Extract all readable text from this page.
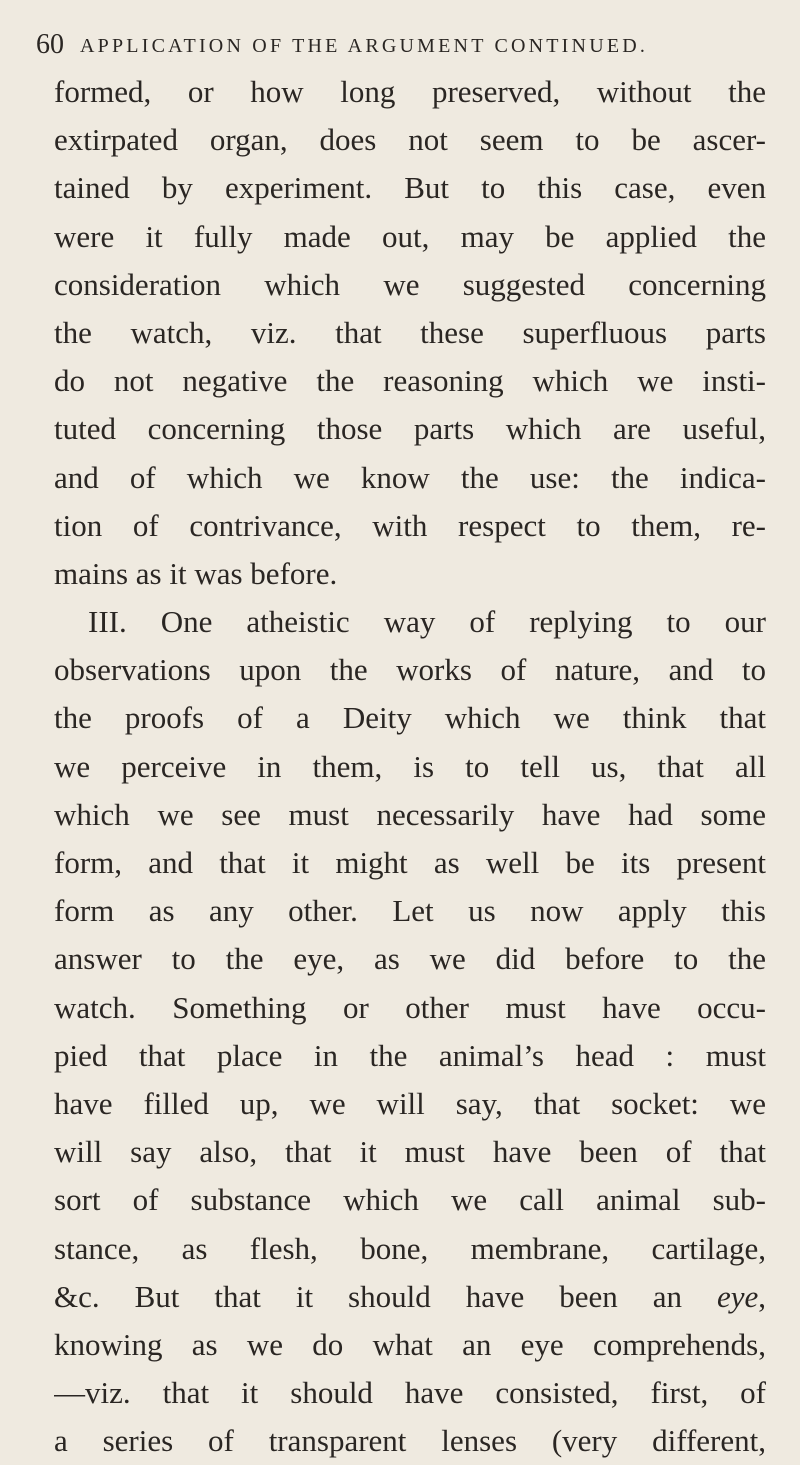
60 APPLICATION OF THE ARGUMENT CONTINUED.
formed, or how long preserved, without the
extirpated organ, does not seem to be ascer-
tained by experiment. But to this case, even
were it fully made out, may be applied the
consideration which we suggested concerning
the watch, viz. that these superfluous parts
do not negative the reasoning which we insti-
tuted concerning those parts which are useful,
and of which we know the use: the indica-
tion of contrivance, with respect to them, re-
mains as it was before.
III. One atheistic way of replying to our
observations upon the works of nature, and to
the proofs of a Deity which we think that
we perceive in them, is to tell us, that all
which we see must necessarily have had some
form, and that it might as well be its present
form as any other. Let us now apply this
answer to the eye, as we did before to the
watch. Something or other must have occu-
pied that place in the animal’s head : must
have filled up, we will say, that socket: we
will say also, that it must have been of that
sort of substance which we call animal sub-
stance, as flesh, bone, membrane, cartilage,
&c. But that it should have been an eye,
knowing as we do what an eye comprehends,
—viz. that it should have consisted, first, of
a series of transparent lenses (very different,
